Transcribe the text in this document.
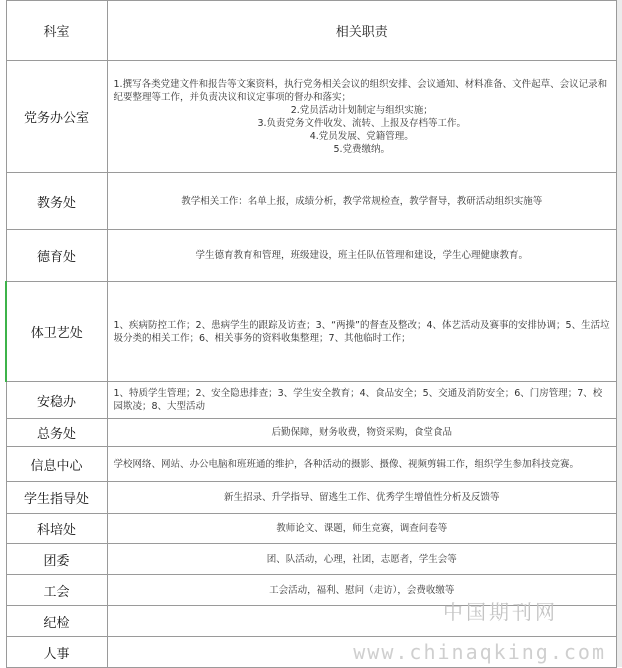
科室	相关职责
党务办公室	1.撰写各类党建文件和报告等文案资料，执行党务相关会议的组织安排、会议通知、材料准备、文件起草、会议记录和纪要整理等工作，并负责决议和议定事项的督办和落实；
2.党员活动计划制定与组织实施；
3.负责党务文件收发、流转、上报及存档等工作。
4.党员发展、党籍管理。
5.党费缴纳。

教务处	教学相关工作：名单上报，成绩分析，教学常规检查，教学督导，教研活动组织实施等
德育处	学生德育教育和管理，班级建设，班主任队伍管理和建设，学生心理健康教育。
体卫艺处	1、疾病防控工作；2、患病学生的跟踪及访查；3、“两操”的督查及整改；4、体艺活动及赛事的安排协调；5、生活垃圾分类的相关工作；6、相关事务的资料收集整理；7、其他临时工作；
安稳办	1、特质学生管理；2、安全隐患排查；3、学生安全教育；4、食品安全；5、交通及消防安全；6、门房管理；7、校园欺凌；8、大型活动
总务处	后勤保障，财务收费，物资采购，食堂食品
信息中心	学校网络、网站、办公电脑和班班通的维护，各种活动的摄影、摄像、视频剪辑工作，组织学生参加科技竞赛。
学生指导处	新生招录、升学指导、留逃生工作、优秀学生增值性分析及反馈等
科培处	教师论文、课题，师生竞赛，调查问卷等
团委	团、队活动，心理，社团，志愿者，学生会等
工会	工会活动，福利、慰问（走访），会费收缴等
纪检	
人事	
中国期刊网
www.chinaqking.com
